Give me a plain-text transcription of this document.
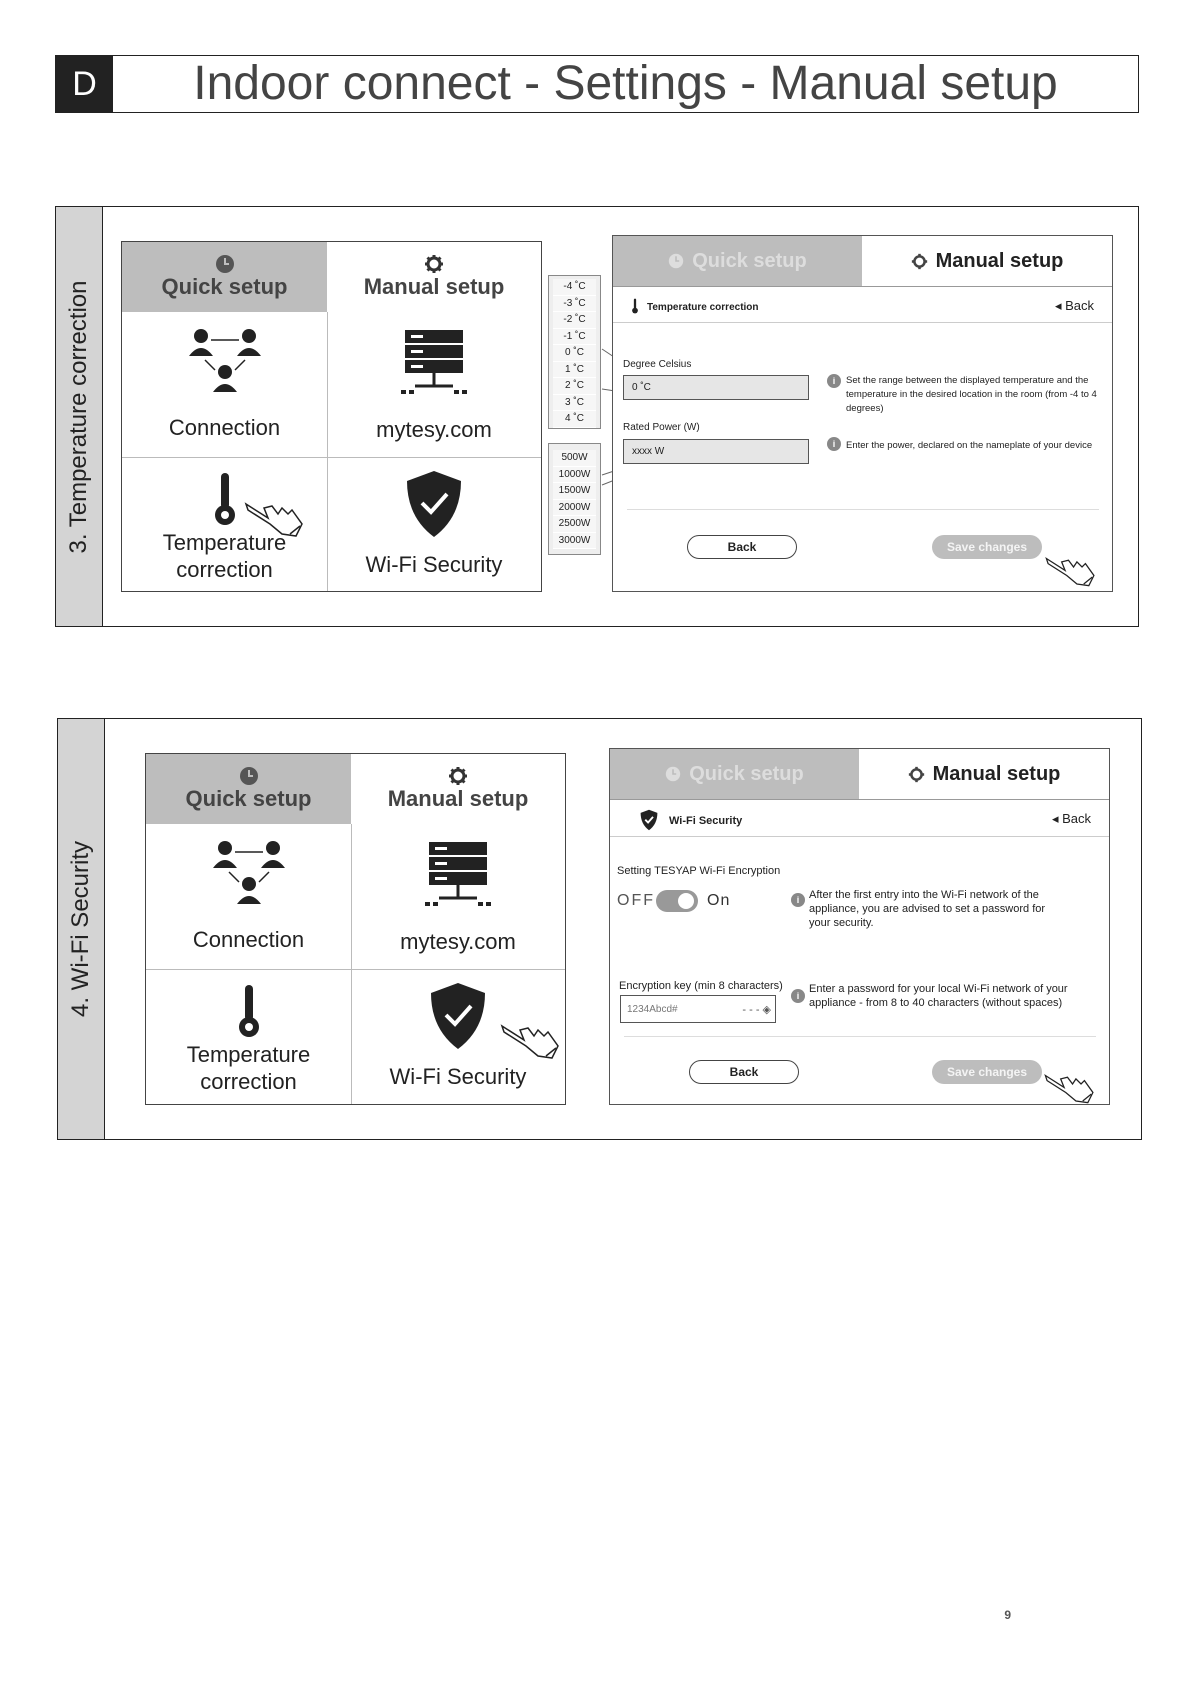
D	Indoor connect - Settings - Manual setup
3. Temperature correction	Quick setup	Manual setup
Connection	mytesy.com
Temperature
correction	Wi-Fi Security
-4 ˚C
-3 ˚C
-2 ˚C
-1 ˚C
0 ˚C
1 ˚C
2 ˚C
3 ˚C
4 ˚C
500W
1000W
1500W
2000W
2500W
3000W
Quick setup	Manual setup
Temperature correction	◂ Back
Degree Celsius
0 ˚C
i	Set the range between the displayed temperature and the temperature in the desired location in the room (from -4 to 4 degrees)
Rated Power (W)
xxxx W
i	Enter the power, declared on the nameplate of your device
Back	Save changes
4. Wi-Fi Security
Quick setup	Manual setup
Connection	mytesy.com
Temperature
correction	Wi-Fi Security
Quick setup	Manual setup
Wi-Fi Security	◂ Back
Setting TESYAP Wi-Fi Encryption
OFF	On	i After the first entry into the Wi-Fi network of the appliance, you are advised to set a password for your security.
Encryption key (min 8 characters)
1234Abcd#	- - - ◈
i
Enter a password for your local Wi-Fi network of your appliance - from 8 to 40 characters (without spaces)
Back	Save changes
9
